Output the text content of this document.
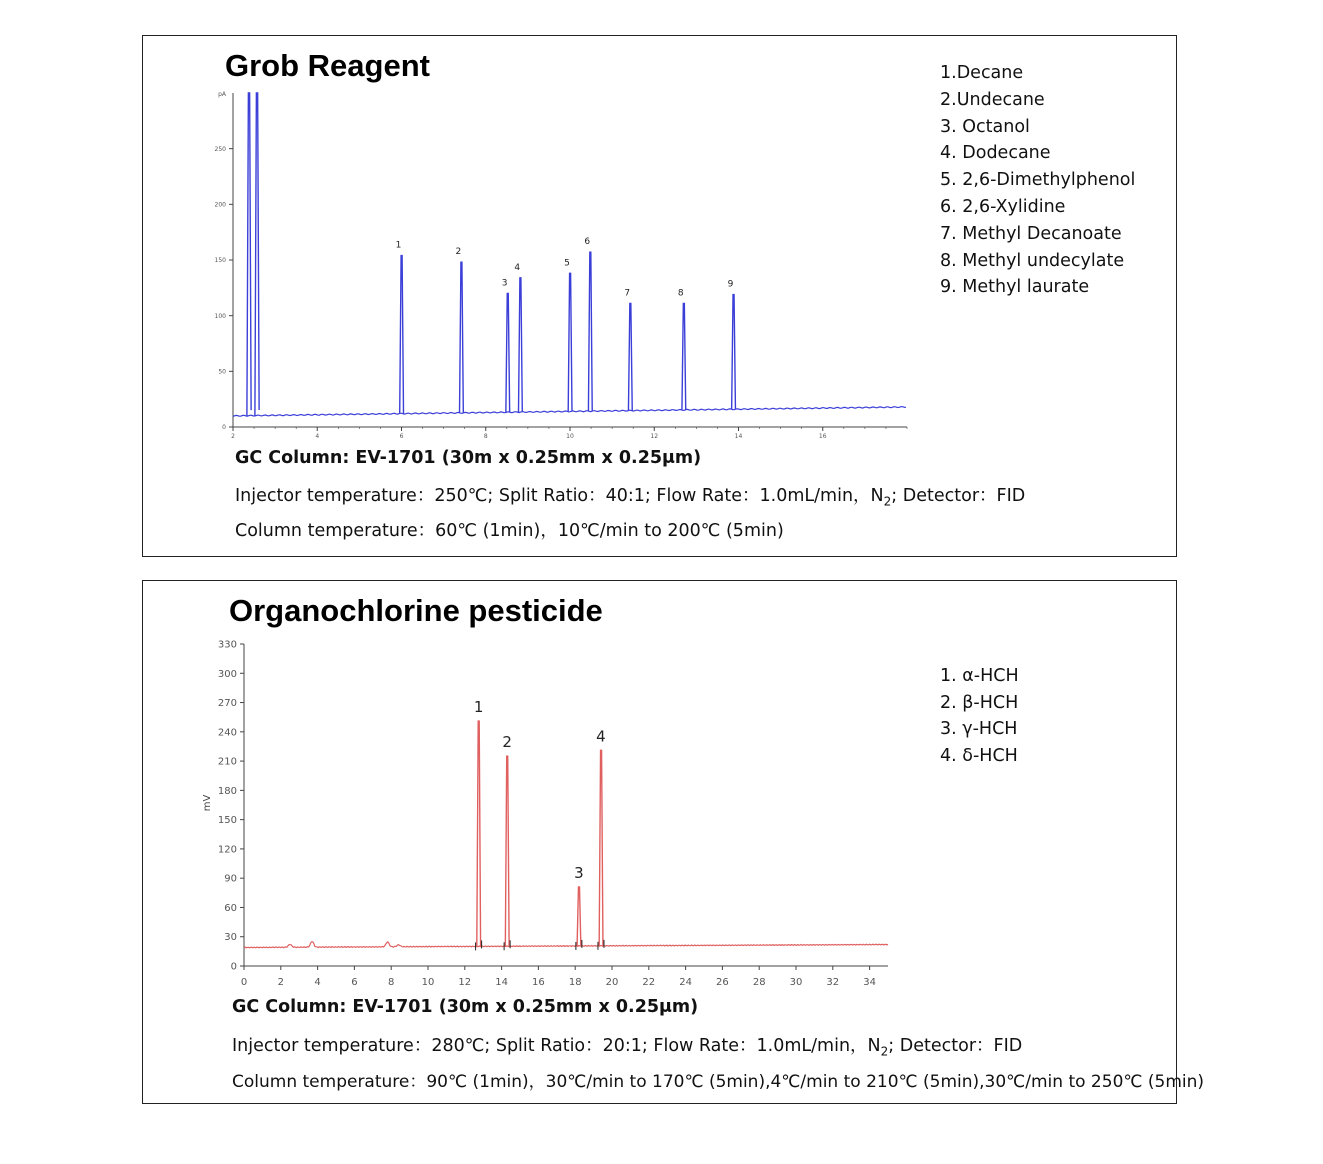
Grob Reagent
2	4	6	8	10	12	14	16
0
50
100
150
200
250
pA
1
2
3
4	5
6
7	8
9
1.Decane
2.Undecane
3. Octanol
4. Dodecane
5. 2,6-Dimethylphenol
6. 2,6-Xylidine
7. Methyl Decanoate
8. Methyl undecylate
9. Methyl laurate
GC Column: EV-1701 (30m x 0.25mm x 0.25μm)
Injector temperature：250℃; Split Ratio：40:1; Flow Rate：1.0mL/min，$N_2$; Detector：FID
Column temperature：60℃ (1min)，10℃/min to 200℃ (5min)
Organochlorine pesticide
0	2	4	6	8	10 12 14 16 18 20 22 24 26 28 30 32 34
0
30
60
90
120
150
180
210
240
270
300
330
mV
1
2
3
4
1. α-HCH
2. β-HCH
3. γ-HCH
4. δ-HCH
GC Column: EV-1701 (30m x 0.25mm x 0.25μm)
Injector temperature：280℃; Split Ratio：20:1; Flow Rate：1.0mL/min，$N_2$; Detector：FID
Column temperature：90℃ (1min)，30℃/min to 170℃ (5min),4℃/min to 210℃ (5min),30℃/min to 250℃ (5min)
